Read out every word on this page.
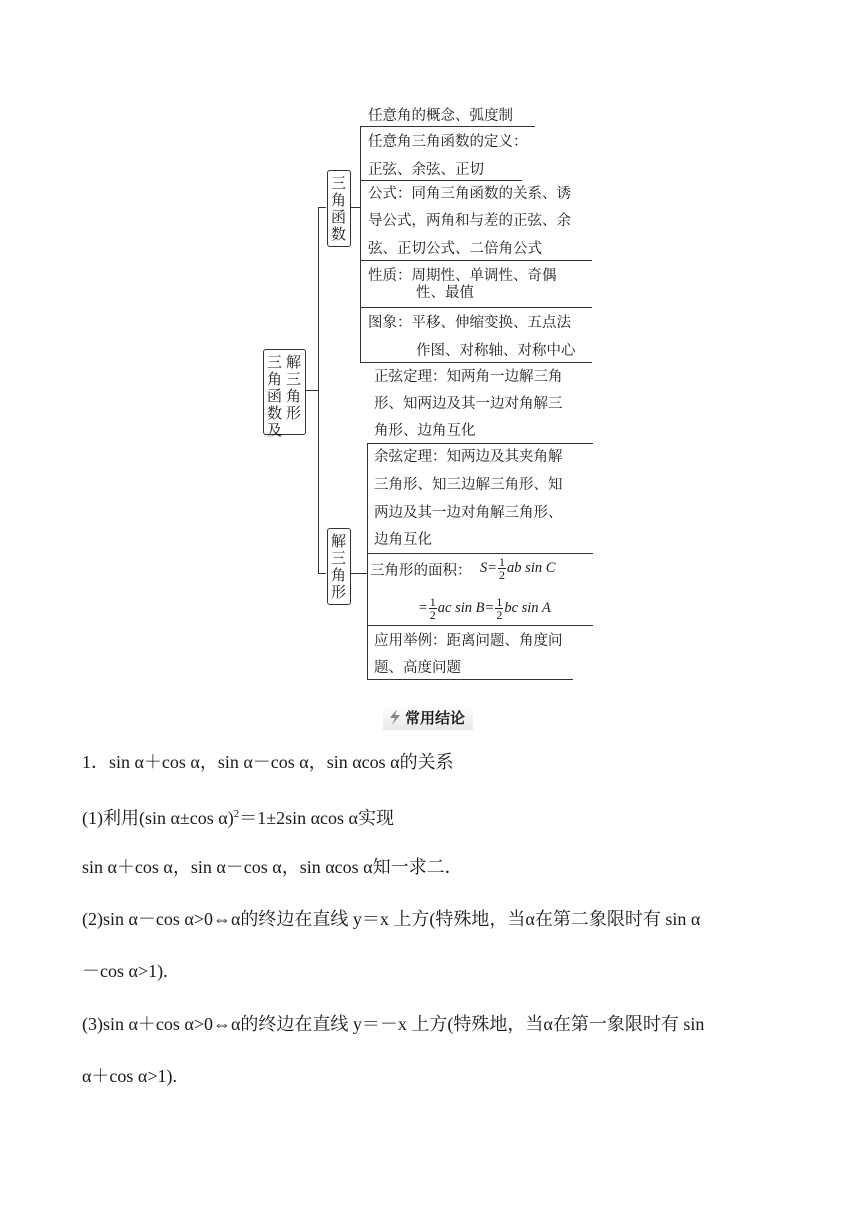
解三角形
三角函数及
三角函数
解三角形
任意角的概念、弧度制
任意角三角函数的定义：
正弦、余弦、正切
公式：同角三角函数的关系、诱
导公式，两角和与差的正弦、余
弦、正切公式、二倍角公式
性质：周期性、单调性、奇偶
性、最值
图象：平移、伸缩变换、五点法
作图、对称轴、对称中心
正弦定理：知两角一边解三角
形、知两边及其一边对角解三
角形、边角互化
余弦定理：知两边及其夹角解
三角形、知三边解三角形、知
两边及其一边对角解三角形、
边角互化
三角形的面积： $S= \frac{1}{2}$ ab sin C
= $\frac{1}{2}$ ac $\sin B= \frac{1}{2}$ bc sin A
应用举例：距离问题、角度问
题、高度问题
常用结论
1．sin α＋cos α，sin α－cos α，sin αcos α的关系
(1)利用(sin α±cos α)$^2$＝1±2sin αcos α实现
sin α＋cos α，sin α－cos α，sin αcos α知一求二．
(2)sin α－cos α>0⇔α的终边在直线 y＝x 上方(特殊地，当α在第二象限时有 sin α
－cos α>1).
(3)sin α＋cos α>0⇔α的终边在直线 y＝－x 上方(特殊地，当α在第一象限时有 sin
α＋cos α>1).
